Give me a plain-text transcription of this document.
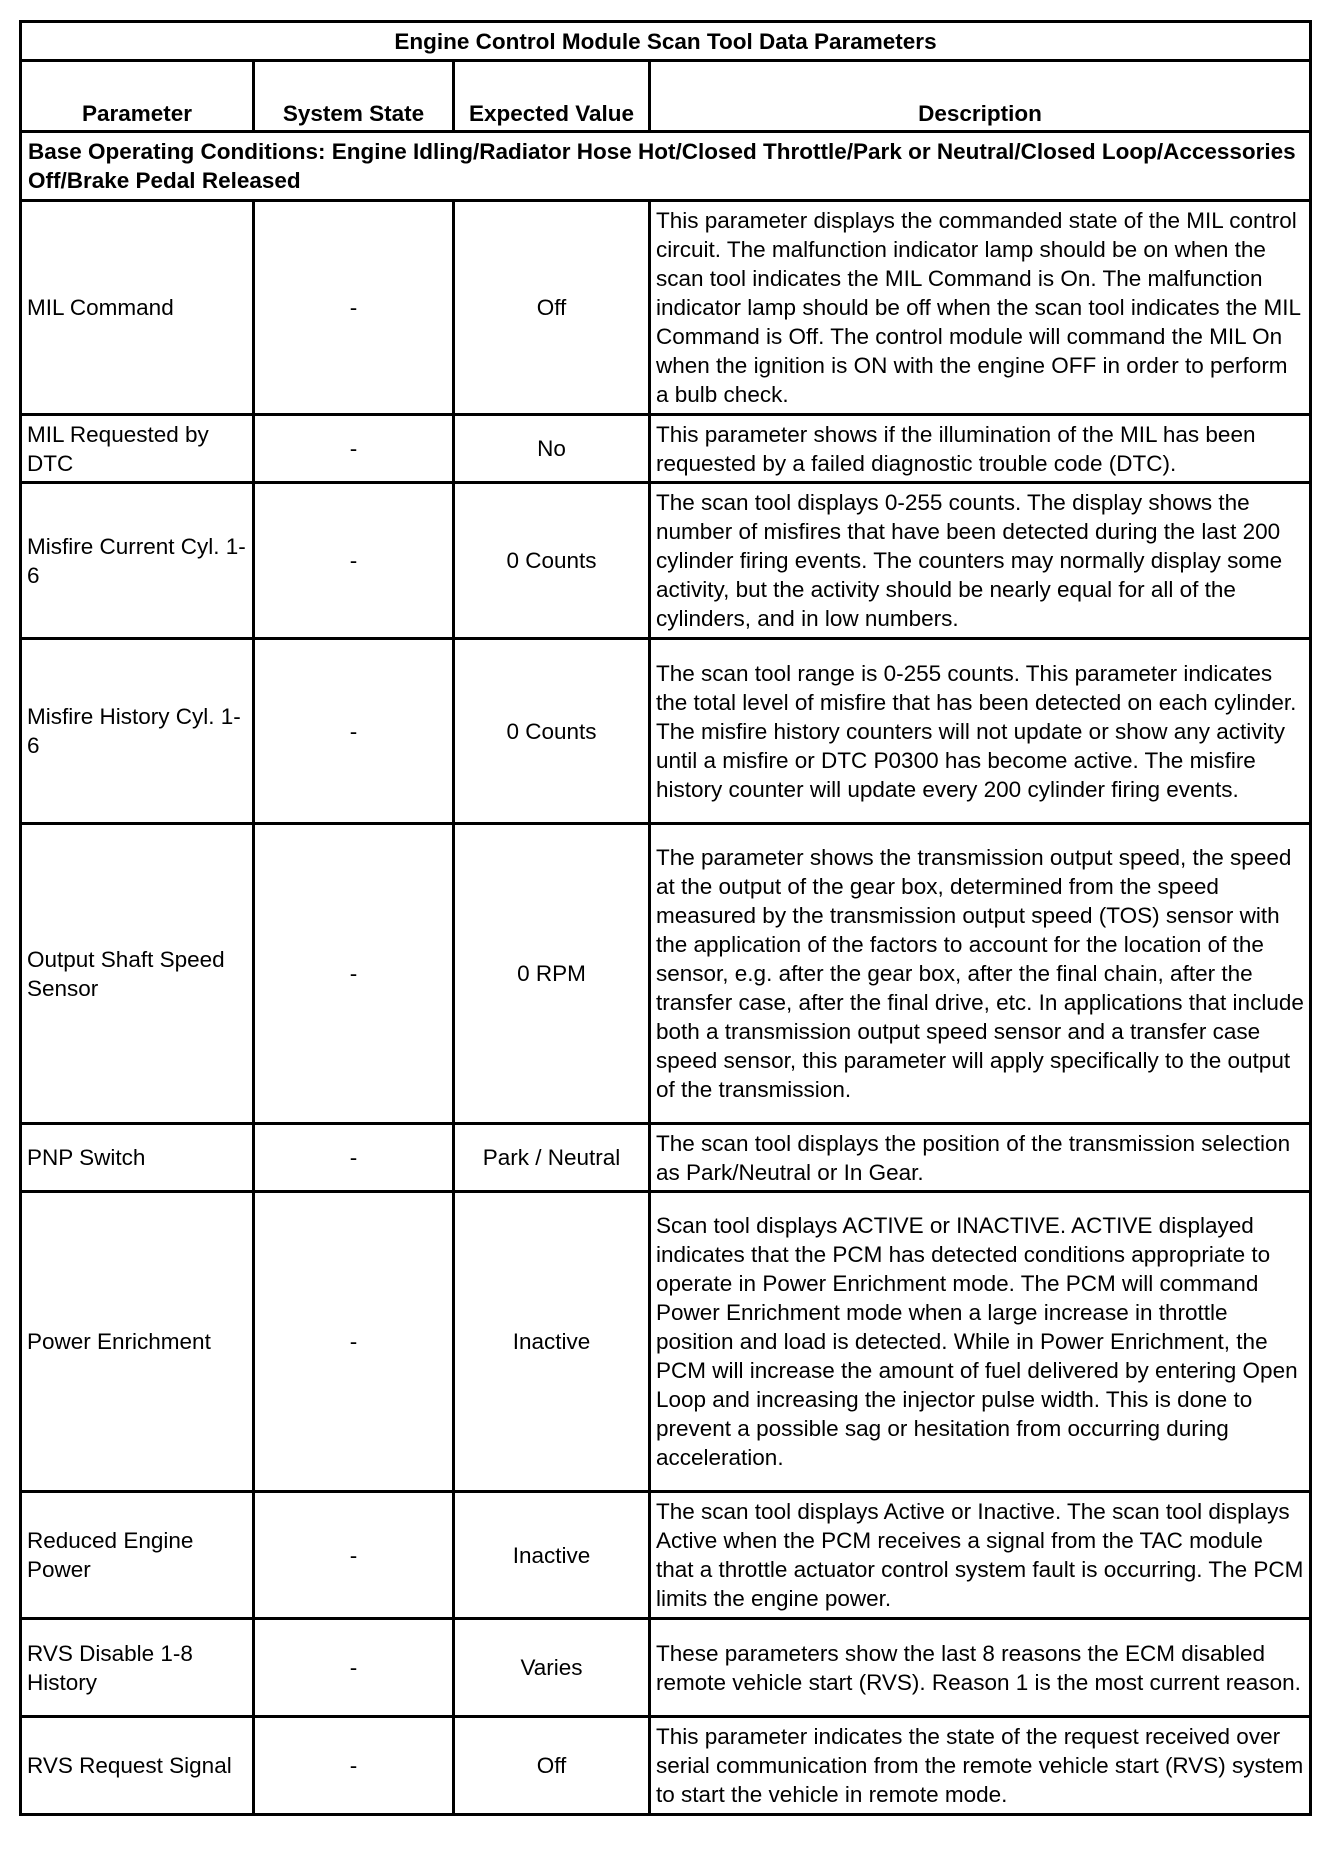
Engine Control Module Scan Tool Data Parameters			
Parameter	System State	Expected Value	Description
Base Operating Conditions: Engine Idling/Radiator Hose Hot/Closed Throttle/Park or Neutral/Closed Loop/Accessories Off/Brake Pedal Released			
MIL Command	-	Off	This parameter displays the commanded state of the MIL control circuit. The malfunction indicator lamp should be on when the scan tool indicates the MIL Command is On. The malfunction indicator lamp should be off when the scan tool indicates the MIL Command is Off. The control module will command the MIL On when the ignition is ON with the engine OFF in order to perform a bulb check.
MIL Requested by DTC	-	No	This parameter shows if the illumination of the MIL has been requested by a failed diagnostic trouble code (DTC).
Misfire Current Cyl. 1-6	-	0 Counts	The scan tool displays 0-255 counts. The display shows the number of misfires that have been detected during the last 200 cylinder firing events. The counters may normally display some activity, but the activity should be nearly equal for all of the cylinders, and in low numbers.
Misfire History Cyl. 1-6	-	0 Counts	The scan tool range is 0-255 counts. This parameter indicates the total level of misfire that has been detected on each cylinder. The misfire history counters will not update or show any activity until a misfire or DTC P0300 has become active. The misfire history counter will update every 200 cylinder firing events.
Output Shaft Speed Sensor	-	0 RPM	The parameter shows the transmission output speed, the speed at the output of the gear box, determined from the speed measured by the transmission output speed (TOS) sensor with the application of the factors to account for the location of the sensor, e.g. after the gear box, after the final chain, after the transfer case, after the final drive, etc. In applications that include both a transmission output speed sensor and a transfer case speed sensor, this parameter will apply specifically to the output of the transmission.
PNP Switch	-	Park / Neutral	The scan tool displays the position of the transmission selection as Park/Neutral or In Gear.
Power Enrichment	-	Inactive	Scan tool displays ACTIVE or INACTIVE. ACTIVE displayed indicates that the PCM has detected conditions appropriate to operate in Power Enrichment mode. The PCM will command Power Enrichment mode when a large increase in throttle position and load is detected. While in Power Enrichment, the PCM will increase the amount of fuel delivered by entering Open Loop and increasing the injector pulse width. This is done to prevent a possible sag or hesitation from occurring during acceleration.
Reduced Engine Power	-	Inactive	The scan tool displays Active or Inactive. The scan tool displays Active when the PCM receives a signal from the TAC module that a throttle actuator control system fault is occurring. The PCM limits the engine power.
RVS Disable 1-8 History	-	Varies	These parameters show the last 8 reasons the ECM disabled remote vehicle start (RVS). Reason 1 is the most current reason.
RVS Request Signal	-	Off	This parameter indicates the state of the request received over serial communication from the remote vehicle start (RVS) system to start the vehicle in remote mode.
